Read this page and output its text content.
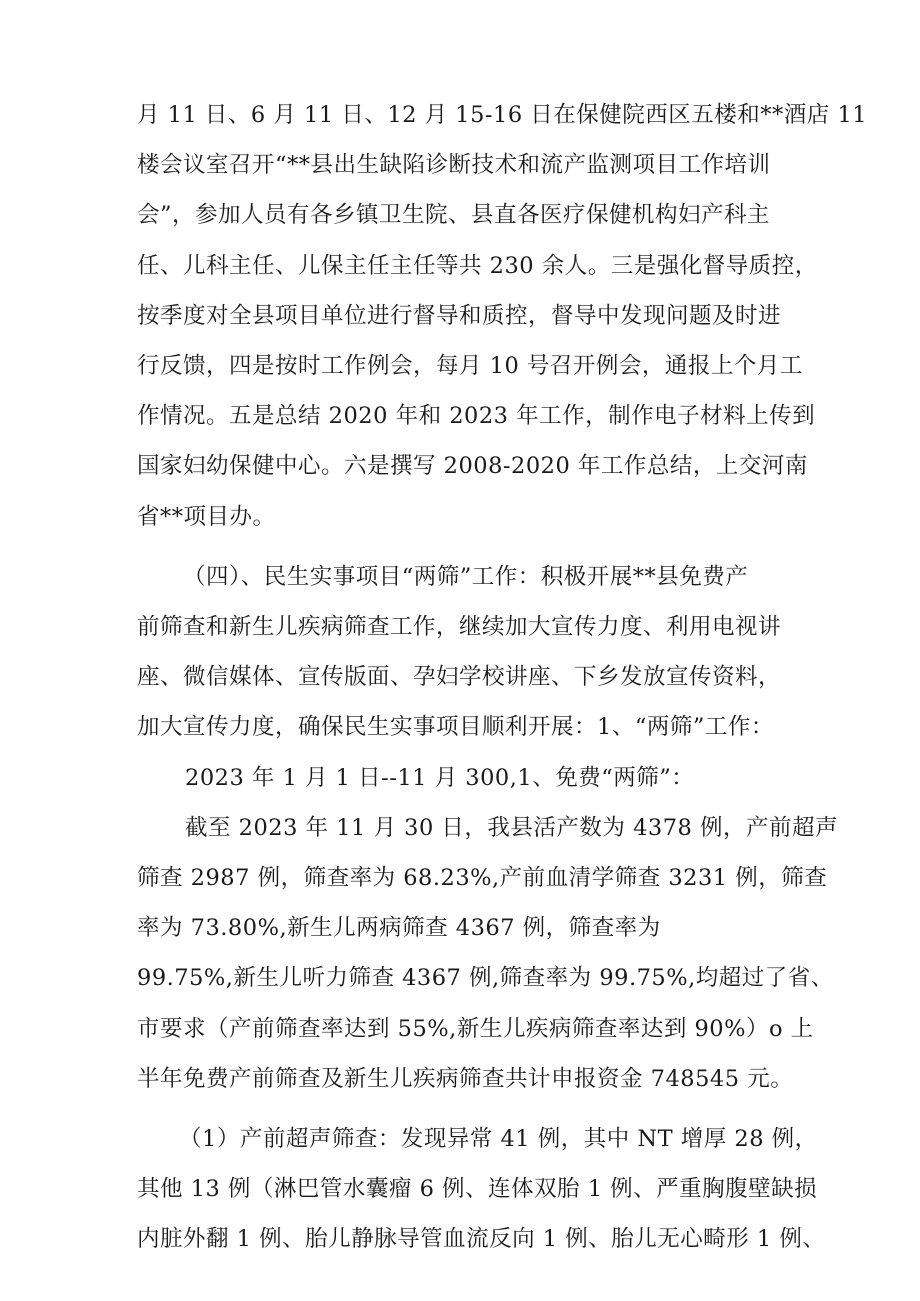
月 11 日、6 月 11 日、12 月 15-16 日在保健院西区五楼和**酒店 11
楼会议室召开“**县出生缺陷诊断技术和流产监测项目工作培训
会”，参加人员有各乡镇卫生院、县直各医疗保健机构妇产科主
任、儿科主任、儿保主任主任等共 230 余人。三是强化督导质控，
按季度对全县项目单位进行督导和质控，督导中发现问题及时进
行反馈，四是按时工作例会，每月 10 号召开例会，通报上个月工
作情况。五是总结 2020 年和 2023 年工作，制作电子材料上传到
国家妇幼保健中心。六是撰写 2008-2020 年工作总结，上交河南
省**项目办。
（四）、民生实事项目“两筛”工作：积极开展**县免费产
前筛查和新生儿疾病筛查工作，继续加大宣传力度、利用电视讲
座、微信媒体、宣传版面、孕妇学校讲座、下乡发放宣传资料，
加大宣传力度，确保民生实事项目顺利开展：1、“两筛”工作：
2023 年 1 月 1 日--11 月 300,1、免费“两筛”：
截至 2023 年 11 月 30 日，我县活产数为 4378 例，产前超声
筛查 2987 例，筛查率为 68.23%,产前血清学筛查 3231 例，筛查
率为 73.80%,新生儿两病筛查 4367 例，筛查率为
99.75%,新生儿听力筛查 4367 例,筛查率为 99.75%,均超过了省、
市要求（产前筛查率达到 55%,新生儿疾病筛查率达到 90%）o 上
半年免费产前筛查及新生儿疾病筛查共计申报资金 748545 元。
（1）产前超声筛查：发现异常 41 例，其中 NT 增厚 28 例，
其他 13 例（淋巴管水囊瘤 6 例、连体双胎 1 例、严重胸腹壁缺损
内脏外翻 1 例、胎儿静脉导管血流反向 1 例、胎儿无心畸形 1 例、
